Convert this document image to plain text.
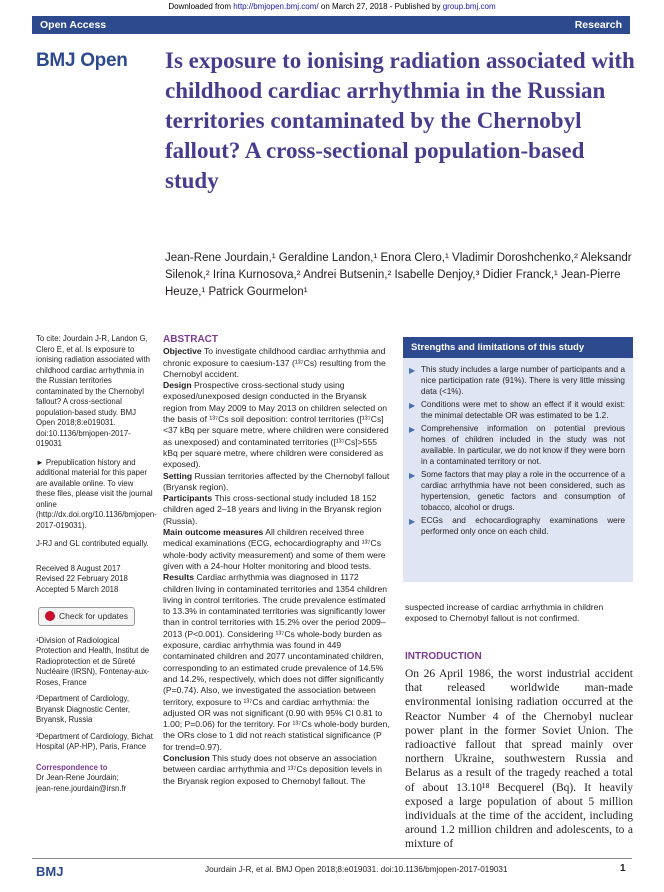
Downloaded from http://bmjopen.bmj.com/ on March 27, 2018 - Published by group.bmj.com
Open Access	Research
BMJ Open Is exposure to ionising radiation associated with childhood cardiac arrhythmia in the Russian territories contaminated by the Chernobyl fallout? A cross-sectional population-based study
Jean-Rene Jourdain,¹ Geraldine Landon,¹ Enora Clero,¹ Vladimir Doroshchenko,² Aleksandr Silenok,² Irina Kurnosova,² Andrei Butsenin,² Isabelle Denjoy,³ Didier Franck,¹ Jean-Pierre Heuze,¹ Patrick Gourmelon¹

To cite: Jourdain J-R, Landon G, Clero E, et al. Is exposure to ionising radiation associated with childhood cardiac arrhythmia in the Russian territories contaminated by the Chernobyl fallout? A cross-sectional population-based study. BMJ Open 2018;8:e019031. doi:10.1136/bmjopen-2017-019031

► Prepublication history and additional material for this paper are available online. To view these files, please visit the journal online (http://dx.doi.org/10.1136/bmjopen-2017-019031).

J-RJ and GL contributed equally.

Received 8 August 2017

Revised 22 February 2018

Accepted 5 March 2018

Check for updates

¹Division of Radiological Protection and Health, Institut de Radioprotection et de Sûreté Nucléaire (IRSN), Fontenay-aux-Roses, France

²Department of Cardiology, Bryansk Diagnostic Center, Bryansk, Russia

³Department of Cardiology, Bichat Hospital (AP-HP), Paris, France

Correspondence to

Dr Jean-Rene Jourdain;

jean-rene.jourdain@irsn.fr

ABSTRACT

Objective To investigate childhood cardiac arrhythmia and chronic exposure to caesium-137 (¹³⁷Cs) resulting from the Chernobyl accident.

Design Prospective cross-sectional study using exposed/unexposed design conducted in the Bryansk region from May 2009 to May 2013 on children selected on the basis of ¹³⁷Cs soil deposition: control territories ([¹³⁷Cs]<37 kBq per square metre, where children were considered as unexposed) and contaminated territories ([¹³⁷Cs]>555 kBq per square metre, where children were considered as exposed).

Setting Russian territories affected by the Chernobyl fallout (Bryansk region).

Participants This cross-sectional study included 18 152 children aged 2–18 years and living in the Bryansk region (Russia).

Main outcome measures All children received three medical examinations (ECG, echocardiography and ¹³⁷Cs whole-body activity measurement) and some of them were given with a 24-hour Holter monitoring and blood tests.

Results Cardiac arrhythmia was diagnosed in 1172 children living in contaminated territories and 1354 children living in control territories. The crude prevalence estimated to 13.3% in contaminated territories was significantly lower than in control territories with 15.2% over the period 2009–2013 (P<0.001). Considering ¹³⁷Cs whole-body burden as exposure, cardiac arrhythmia was found in 449 contaminated children and 2077 uncontaminated children, corresponding to an estimated crude prevalence of 14.5% and 14.2%, respectively, which does not differ significantly (P=0.74). Also, we investigated the association between territory, exposure to ¹³⁷Cs and cardiac arrhythmia: the adjusted OR was not significant (0.90 with 95% CI 0.81 to 1.00; P=0.06) for the territory. For ¹³⁷Cs whole-body burden, the ORs close to 1 did not reach statistical significance (P for trend=0.97).

Conclusion This study does not observe an association between cardiac arrhythmia and ¹³⁷Cs deposition levels in the Bryansk region exposed to Chernobyl fallout. The

Strengths and limitations of this study
▶ This study includes a large number of participants and a nice participation rate (91%). There is very little missing data (<1%).
▶ Conditions were met to show an effect if it would exist: the minimal detectable OR was estimated to be 1.2.
▶ Comprehensive information on potential previous homes of children included in the study was not available. In particular, we do not know if they were born in a contaminated territory or not.
▶ Some factors that may play a role in the occurrence of a cardiac arrhythmia have not been considered, such as hypertension, genetic factors and consumption of tobacco, alcohol or drugs.
▶ ECGs and echocardiography examinations were performed only once on each child.
suspected increase of cardiac arrhythmia in children exposed to Chernobyl fallout is not confirmed.
INTRODUCTION
On 26 April 1986, the worst industrial accident that released worldwide man-made environmental ionising radiation occurred at the Reactor Number 4 of the Chernobyl nuclear power plant in the former Soviet Union. The radioactive fallout that spread mainly over northern Ukraine, southwestern Russia and Belarus as a result of the tragedy reached a total of about 13.10¹⁸ Becquerel (Bq). It heavily exposed a large population of about 5 million individuals at the time of the accident, including around 1.2 million children and adolescents, to a mixture of
BMJ	Jourdain J-R, et al. BMJ Open 2018;8:e019031. doi:10.1136/bmjopen-2017-019031	1
